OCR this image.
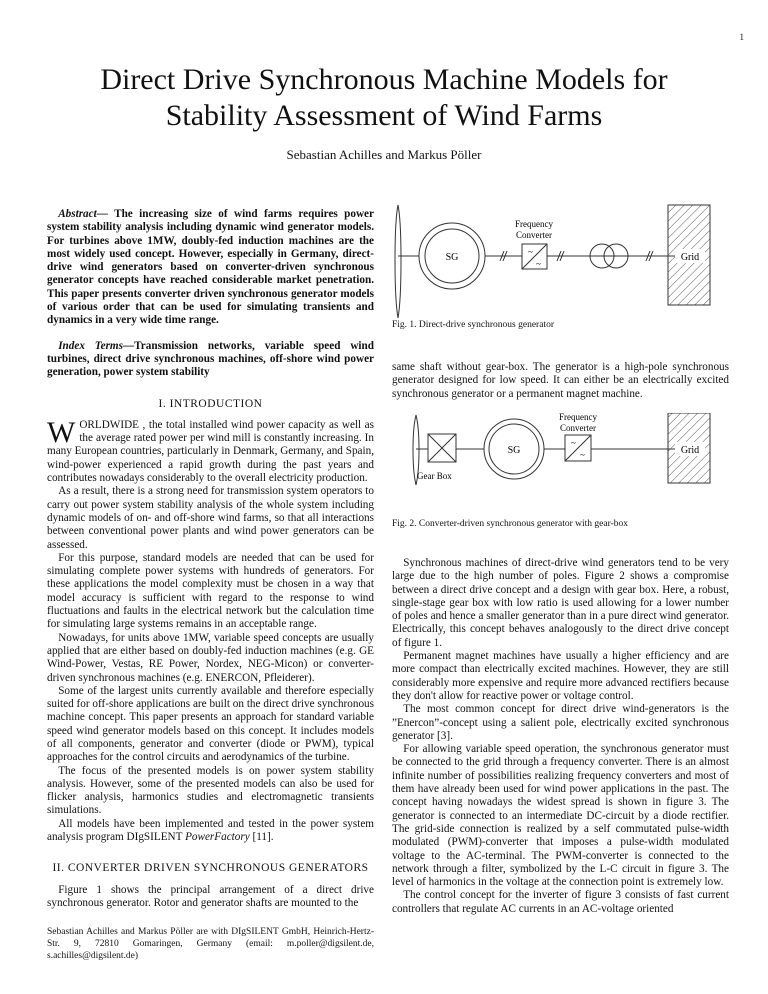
1
Direct Drive Synchronous Machine Models for
Stability Assessment of Wind Farms
Sebastian Achilles and Markus Pöller

Abstract— The increasing size of wind farms requires power system stability analysis including dynamic wind generator models. For turbines above 1MW, doubly-fed induction machines are the most widely used concept. However, especially in Germany, direct-drive wind generators based on converter-driven synchronous generator concepts have reached considerable market penetration. This paper presents converter driven synchronous generator models of various order that can be used for simulating transients and dynamics in a very wide time range.

Index Terms—Transmission networks, variable speed wind turbines, direct drive synchronous machines, off-shore wind power generation, power system stability

I. INTRODUCTION

WORLDWIDE , the total installed wind power capacity as well as the average rated power per wind mill is constantly increasing. In many European countries, particularly in Denmark, Germany, and Spain, wind-power experienced a rapid growth during the past years and contributes nowadays considerably to the overall electricity production.

As a result, there is a strong need for transmission system operators to carry out power system stability analysis of the whole system including dynamic models of on- and off-shore wind farms, so that all interactions between conventional power plants and wind power generators can be assessed.

For this purpose, standard models are needed that can be used for simulating complete power systems with hundreds of generators. For these applications the model complexity must be chosen in a way that model accuracy is sufficient with regard to the response to wind fluctuations and faults in the electrical network but the calculation time for simulating large systems remains in an acceptable range.

Nowadays, for units above 1MW, variable speed concepts are usually applied that are either based on doubly-fed induction machines (e.g. GE Wind-Power, Vestas, RE Power, Nordex, NEG-Micon) or converter-driven synchronous machines (e.g. ENERCON, Pfleiderer).

Some of the largest units currently available and therefore especially suited for off-shore applications are built on the direct drive synchronous machine concept. This paper presents an approach for standard variable speed wind generator models based on this concept. It includes models of all components, generator and converter (diode or PWM), typical approaches for the control circuits and aerodynamics of the turbine.

The focus of the presented models is on power system stability analysis. However, some of the presented models can also be used for flicker analysis, harmonics studies and electromagnetic transients simulations.

All models have been implemented and tested in the power system analysis program DIgSILENT PowerFactory [11].

II. CONVERTER DRIVEN SYNCHRONOUS GENERATORS

Figure 1 shows the principal arrangement of a direct drive synchronous generator. Rotor and generator shafts are mounted to the

Sebastian Achilles and Markus Pöller are with DIgSILENT GmbH, Heinrich-Hertz-Str. 9, 72810 Gomaringen, Germany (email: m.poller@digsilent.de, s.achilles@digsilent.de)
SG	~
~
Frequency
Converter
Grid
Fig. 1. Direct-drive synchronous generator

same shaft without gear-box. The generator is a high-pole synchronous generator designed for low speed. It can either be an electrically excited synchronous generator or a permanent magnet machine.

Gear Box
SG
~
~
Frequency
Converter
Grid
Fig. 2. Converter-driven synchronous generator with gear-box

Synchronous machines of direct-drive wind generators tend to be very large due to the high number of poles. Figure 2 shows a compromise between a direct drive concept and a design with gear box. Here, a robust, single-stage gear box with low ratio is used allowing for a lower number of poles and hence a smaller generator than in a pure direct wind generator. Electrically, this concept behaves analogously to the direct drive concept of figure 1.

Permanent magnet machines have usually a higher efficiency and are more compact than electrically excited machines. However, they are still considerably more expensive and require more advanced rectifiers because they don't allow for reactive power or voltage control.

The most common concept for direct drive wind-generators is the ”Enercon”-concept using a salient pole, electrically excited synchronous generator [3].

For allowing variable speed operation, the synchronous generator must be connected to the grid through a frequency converter. There is an almost infinite number of possibilities realizing frequency converters and most of them have already been used for wind power applications in the past. The concept having nowadays the widest spread is shown in figure 3. The generator is connected to an intermediate DC-circuit by a diode rectifier. The grid-side connection is realized by a self commutated pulse-width modulated (PWM)-converter that imposes a pulse-width modulated voltage to the AC-terminal. The PWM-converter is connected to the network through a filter, symbolized by the L-C circuit in figure 3. The level of harmonics in the voltage at the connection point is extremely low.

The control concept for the inverter of figure 3 consists of fast current controllers that regulate AC currents in an AC-voltage oriented
